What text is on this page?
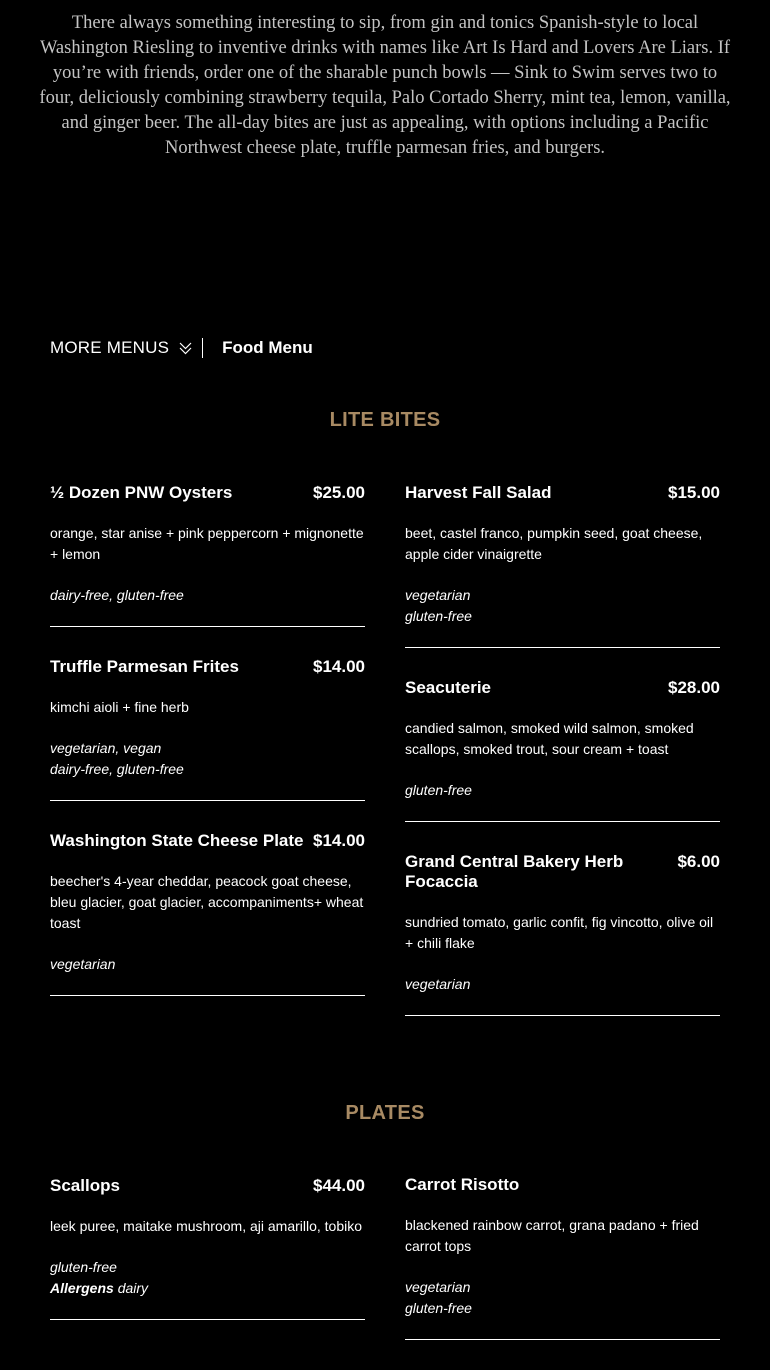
There always something interesting to sip, from gin and tonics Spanish-style to local Washington Riesling to inventive drinks with names like Art Is Hard and Lovers Are Liars. If you’re with friends, order one of the sharable punch bowls — Sink to Swim serves two to four, deliciously combining strawberry tequila, Palo Cortado Sherry, mint tea, lemon, vanilla, and ginger beer. The all-day bites are just as appealing, with options including a Pacific Northwest cheese plate, truffle parmesan fries, and burgers.

MORE MENUS	Food Menu
LITE BITES
½ Dozen PNW Oysters	$25.00
orange, star anise + pink peppercorn + mignonette + lemon
dairy-free, gluten-free
Truffle Parmesan Frites	$14.00
kimchi aioli + fine herb
vegetarian, vegan
dairy-free, gluten-free
Washington State Cheese Plate $14.00
beecher's 4-year cheddar, peacock goat cheese, bleu glacier, goat glacier, accompaniments+ wheat toast
vegetarian
Harvest Fall Salad	$15.00
beet, castel franco, pumpkin seed, goat cheese, apple cider vinaigrette
vegetarian
gluten-free
Seacuterie	$28.00
candied salmon, smoked wild salmon, smoked scallops, smoked trout, sour cream + toast
gluten-free
Grand Central Bakery Herb Focaccia
$6.00
sundried tomato, garlic confit, fig vincotto, olive oil + chili flake
vegetarian
PLATES
Scallops	$44.00
leek puree, maitake mushroom, aji amarillo, tobiko
gluten-free
Allergens dairy
Carrot Risotto
blackened rainbow carrot, grana padano + fried carrot tops
vegetarian
gluten-free
